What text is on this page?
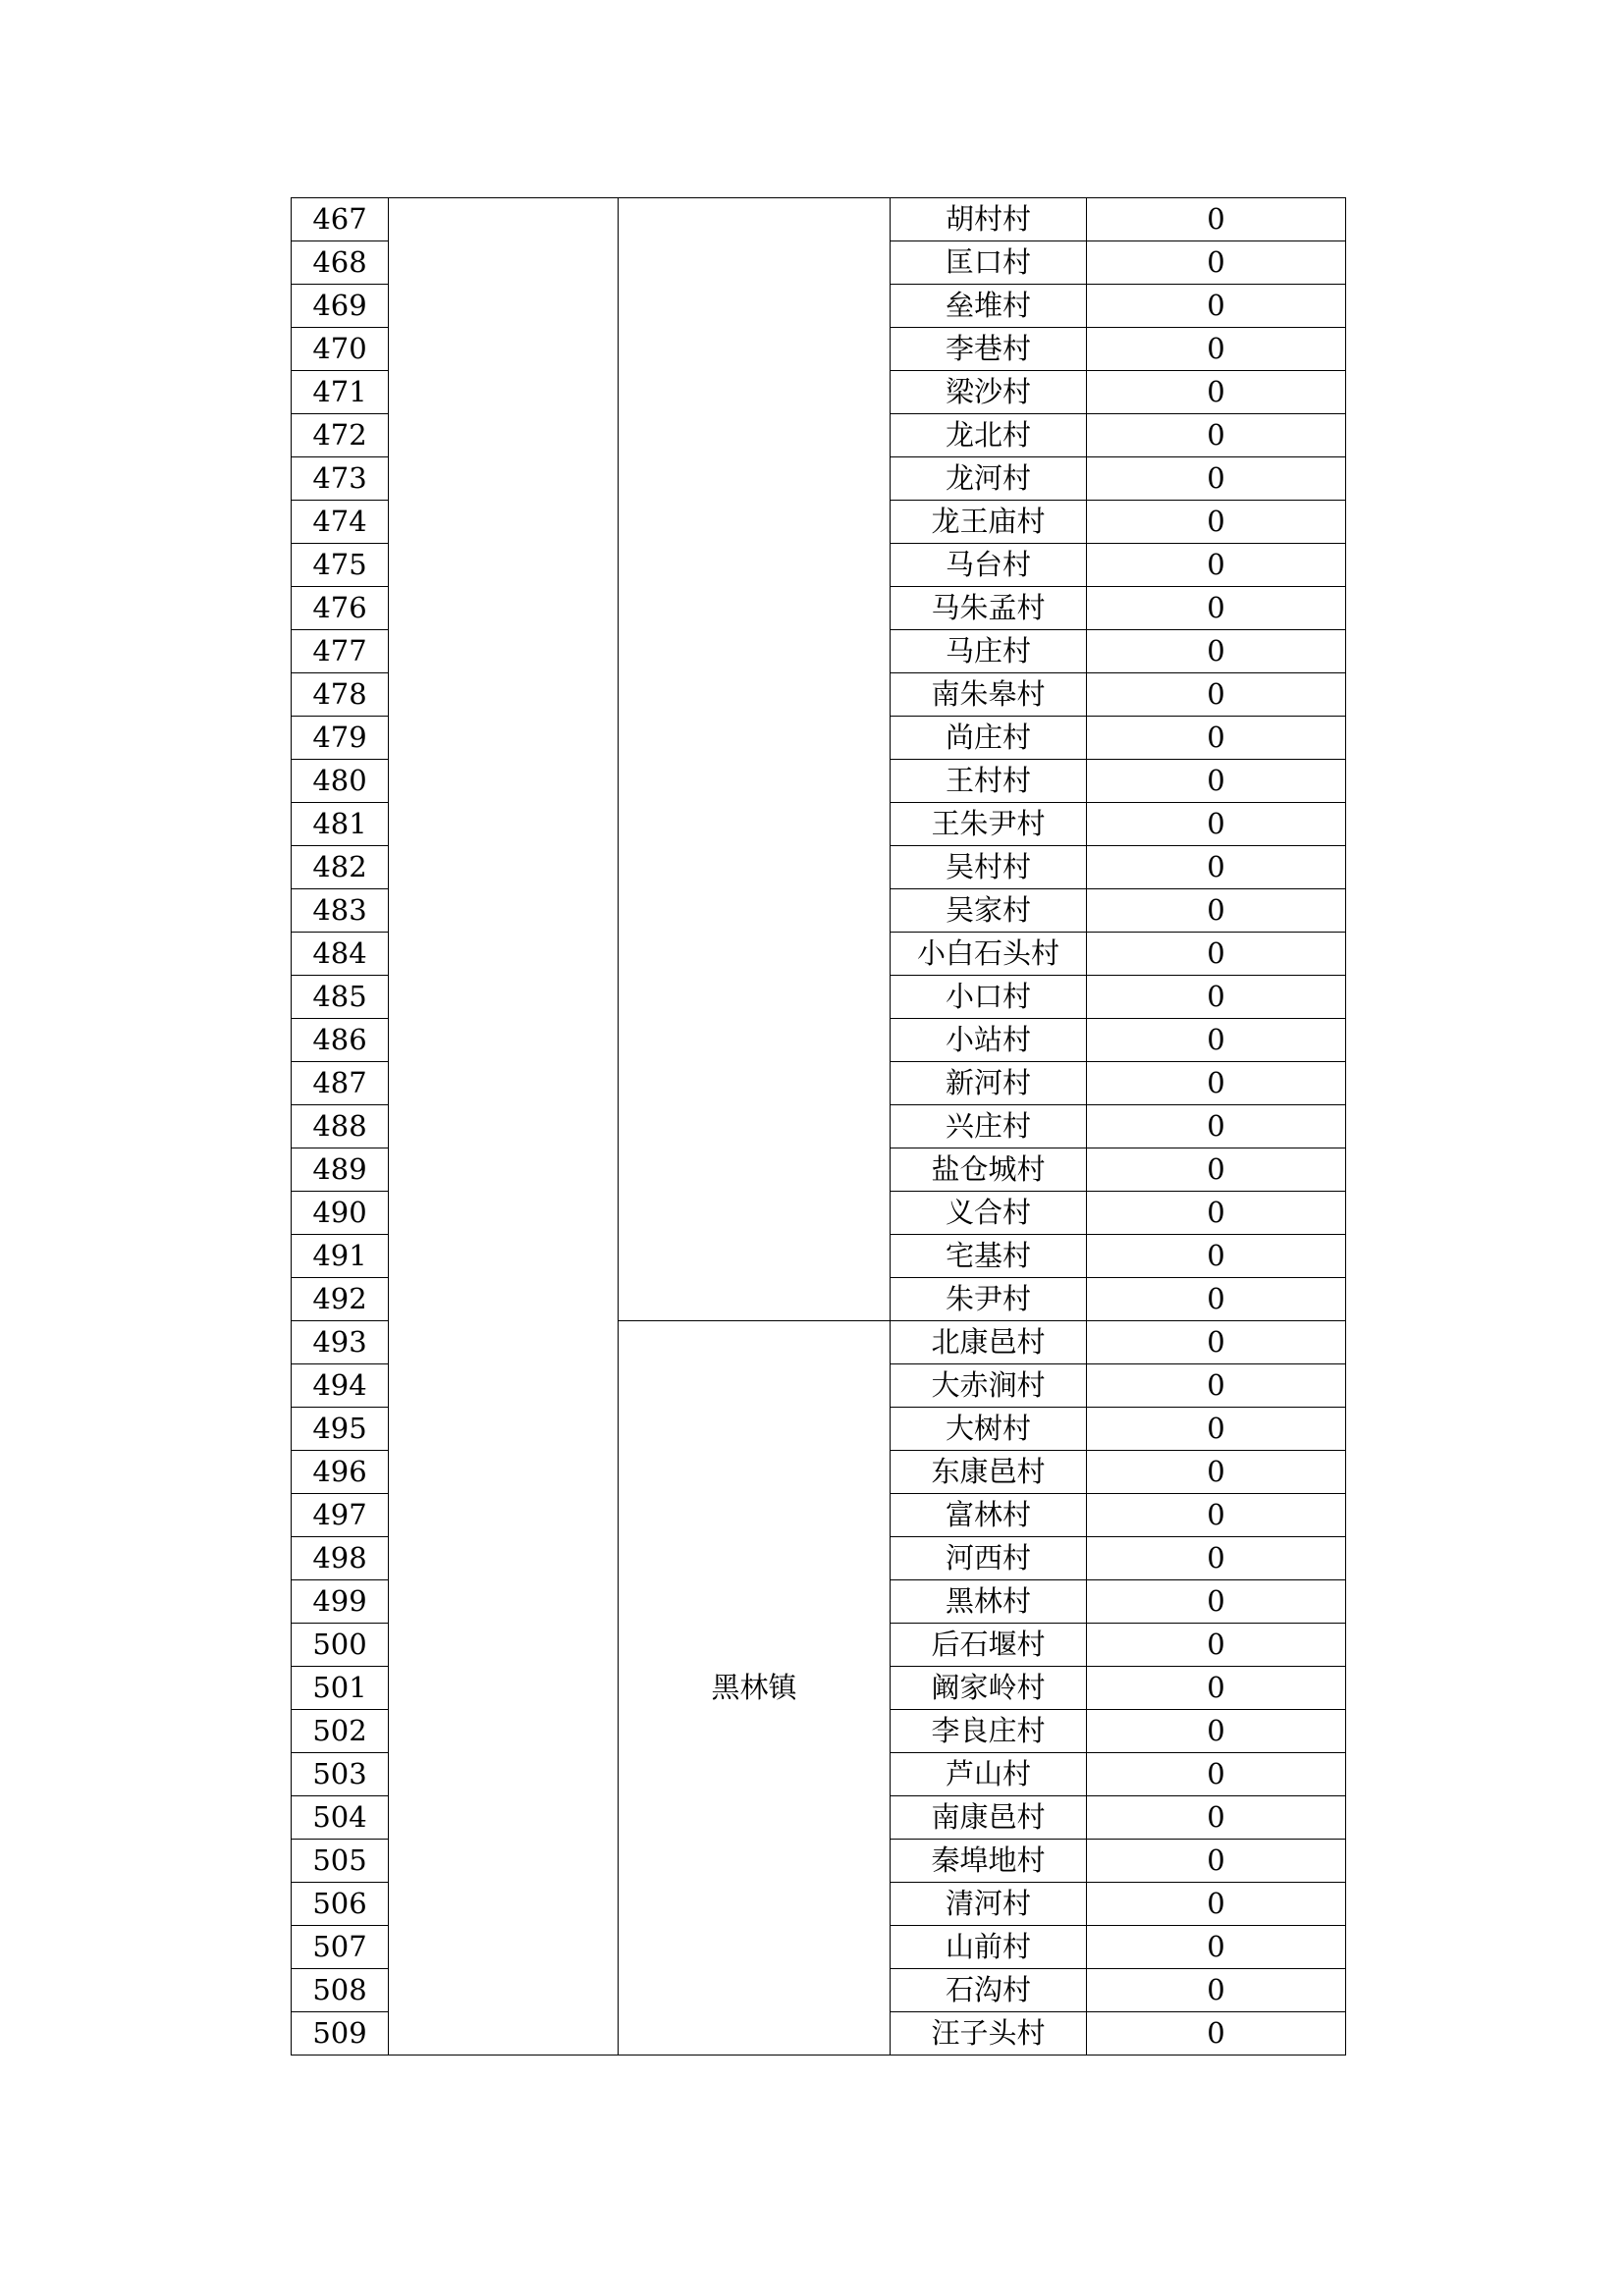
467			胡村村	0
468			匡口村	0
469			垒堆村	0
470			李巷村	0
471			梁沙村	0
472			龙北村	0
473			龙河村	0
474			龙王庙村	0
475			马台村	0
476			马朱孟村	0
477			马庄村	0
478			南朱皋村	0
479			尚庄村	0
480			王村村	0
481			王朱尹村	0
482			吴村村	0
483			吴家村	0
484			小白石头村	0
485			小口村	0
486			小站村	0
487			新河村	0
488			兴庄村	0
489			盐仓城村	0
490			义合村	0
491			宅基村	0
492			朱尹村	0
493		黑林镇	北康邑村	0
494			大赤涧村	0
495			大树村	0
496			东康邑村	0
497			富林村	0
498			河西村	0
499			黑林村	0
500			后石堰村	0
501			阚家岭村	0
502			李良庄村	0
503			芦山村	0
504			南康邑村	0
505			秦埠地村	0
506			清河村	0
507			山前村	0
508			石沟村	0
509			汪子头村	0
